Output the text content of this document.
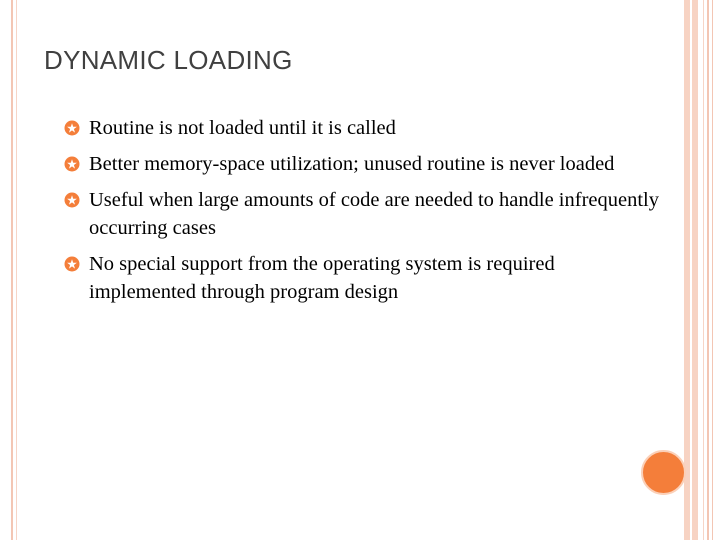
DYNAMIC LOADING
Routine is not loaded until it is called
Better memory-space utilization; unused routine is never loaded
Useful when large amounts of code are needed to handle infrequently occurring cases
No special support from the operating system is required implemented through program design
